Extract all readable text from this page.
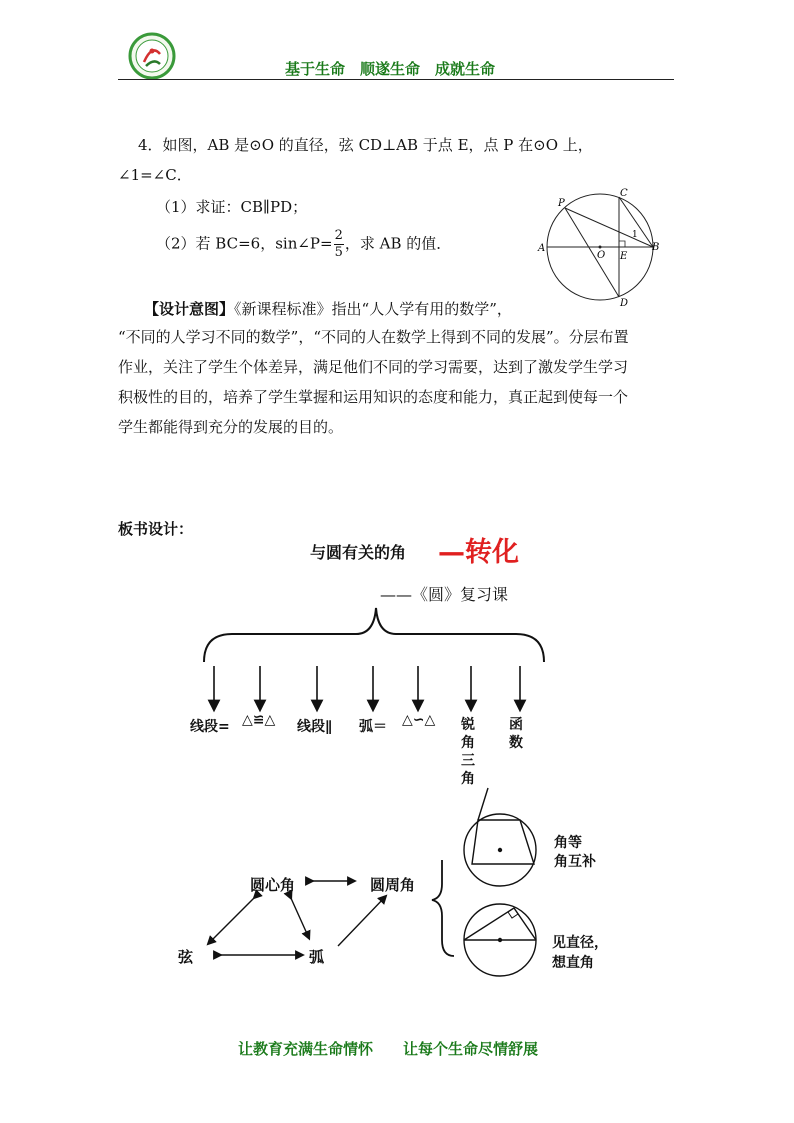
基于生命　顺遂生命　成就生命
4．如图，AB 是⊙O 的直径，弦 CD⊥AB 于点 E，点 P 在⊙O 上，
∠1=∠C．
（1）求证：CB∥PD；
（2）若 BC=6，sin∠P= $\frac{2}{5}$ ，求 AB 的值．
P
C
A
O E
B
D
1
【设计意图】《新课程标准》指出“人人学有用的数学”，
“不同的人学习不同的数学”，“不同的人在数学上得到不同的发展”。分层布置
作业，关注了学生个体差异，满足他们不同的学习需要，达到了激发学生学习
积极性的目的，培养了学生掌握和运用知识的态度和能力，真正起到使每一个
学生都能得到充分的发展的目的。
板书设计：
与圆有关的角 —转化
——《圆》复习课
线段= △≌△ 线段∥ 弧＝ △∽△ 锐角三角
函数
圆心角	圆周角
弦	弧
角等
角互补
见直径，
想直角
让教育充满生命情怀　　让每个生命尽情舒展
